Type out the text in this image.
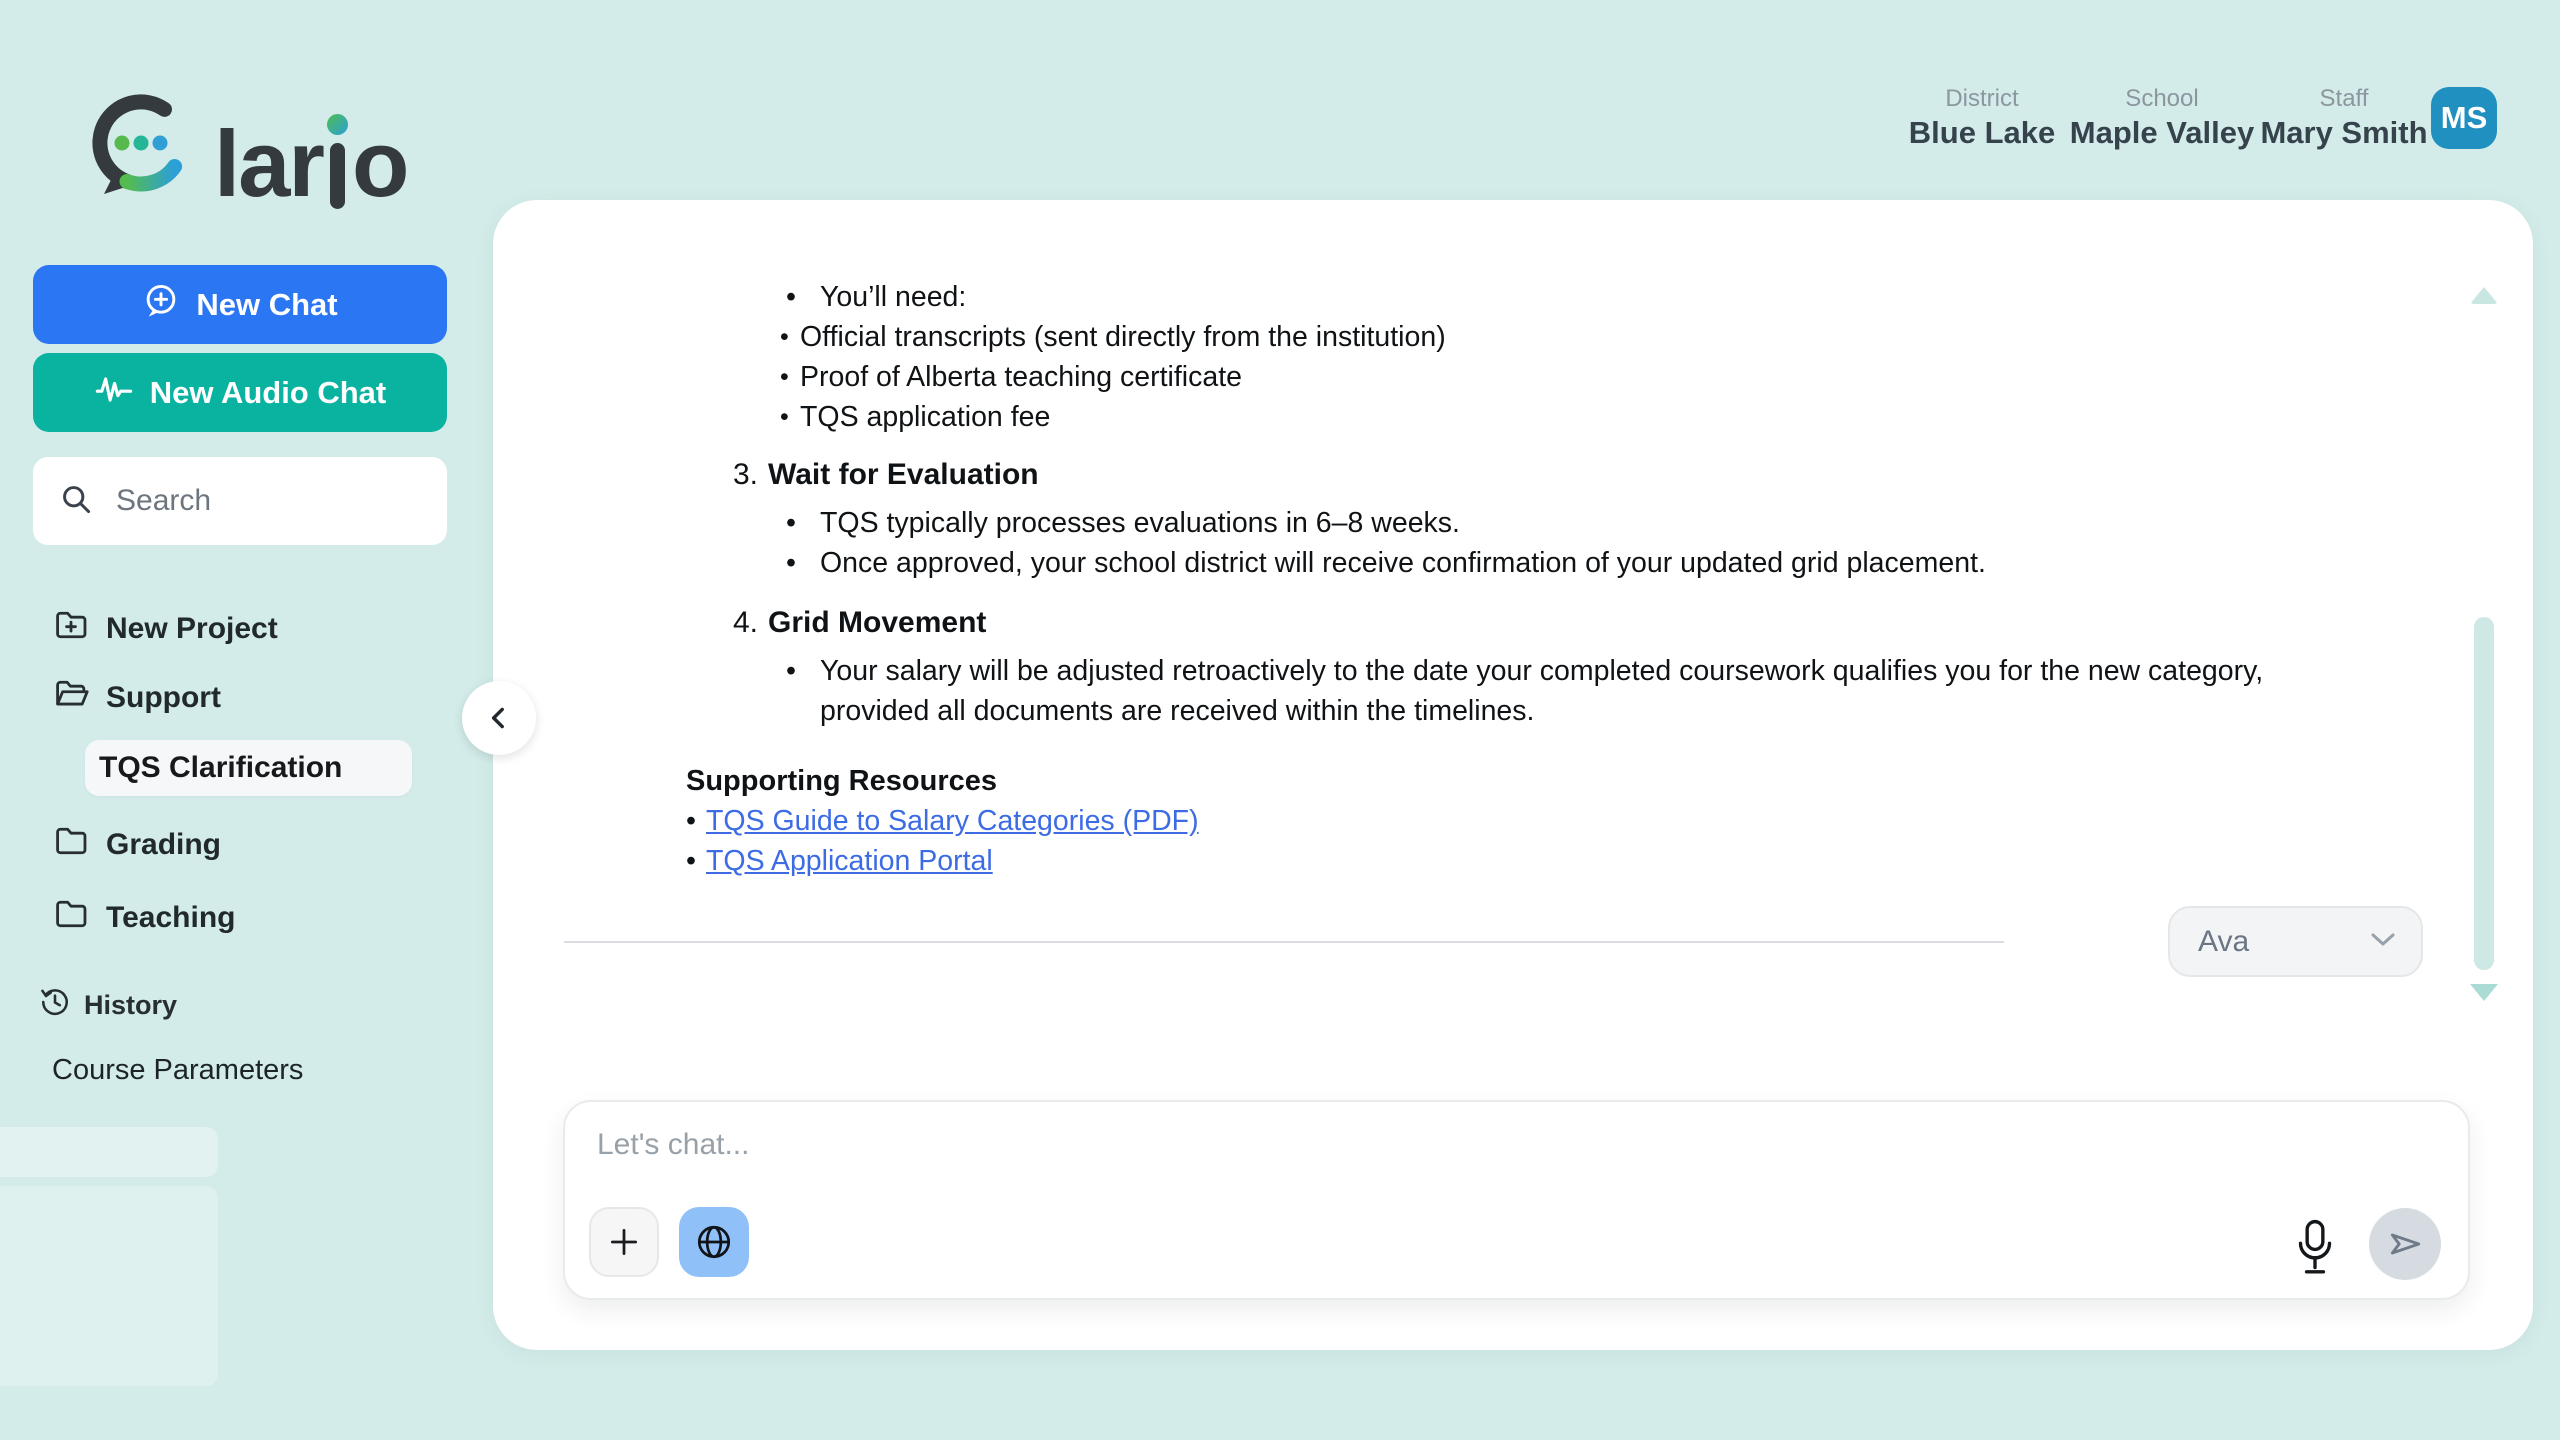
lar o
District
Blue Lake
School
Maple Valley
Staff
Mary Smith MS
New Chat
New Audio Chat
Search
New Project
Support
TQS Clarification
Grading
Teaching
History
Course Parameters
• You’ll need:
• Official transcripts (sent directly from the institution)
• Proof of Alberta teaching certificate
• TQS application fee
3. Wait for Evaluation
• TQS typically processes evaluations in 6–8 weeks.
• Once approved, your school district will receive confirmation of your updated grid placement.
4. Grid Movement
• Your salary will be adjusted retroactively to the date your completed coursework qualifies you for the new category, provided all documents are received within the timelines.
Supporting Resources
• TQS Guide to Salary Categories (PDF)
• TQS Application Portal
Ava
Let's chat...
